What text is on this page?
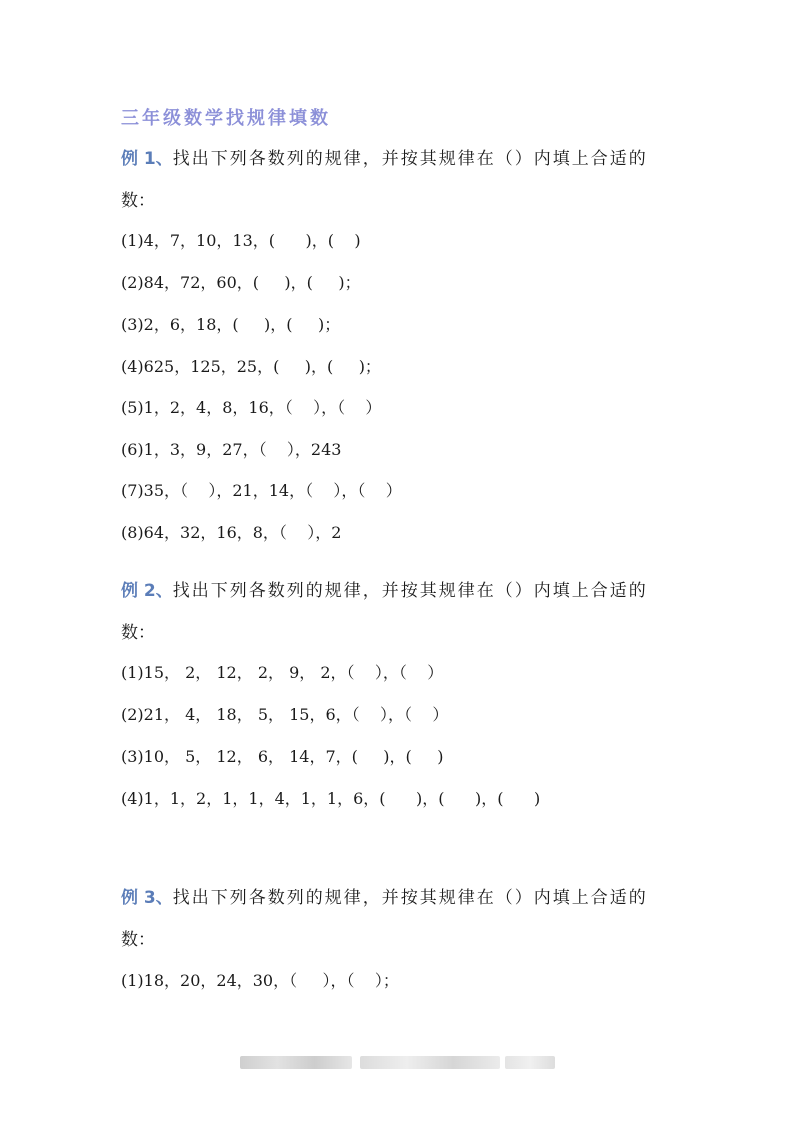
三年级数学找规律填数
例 1、找出下列各数列的规律，并按其规律在（）内填上合适的
数：
(1)4，7，10，13，(      )，(    )
(2)84，72，60，(     )，(     )；
(3)2，6，18，(     )，(     )；
(4)625，125，25，(     )，(     )；
(5)1，2，4，8，16，（    ），（    ）
(6)1，3，9，27，（    ），243
(7)35，（    ），21，14，（    ），（    ）
(8)64，32，16，8，（    ），2
例 2、找出下列各数列的规律，并按其规律在（）内填上合适的
数：
(1)15， 2， 12， 2， 9， 2，（    ），（    ）
(2)21， 4， 18， 5， 15，6，（    ），（    ）
(3)10， 5， 12， 6， 14，7，(     )，(     )
(4)1，1，2，1，1，4，1，1，6，(      )，(      )，(      )
例 3、找出下列各数列的规律，并按其规律在（）内填上合适的
数：
(1)18，20，24，30，（     ），（    ）；
